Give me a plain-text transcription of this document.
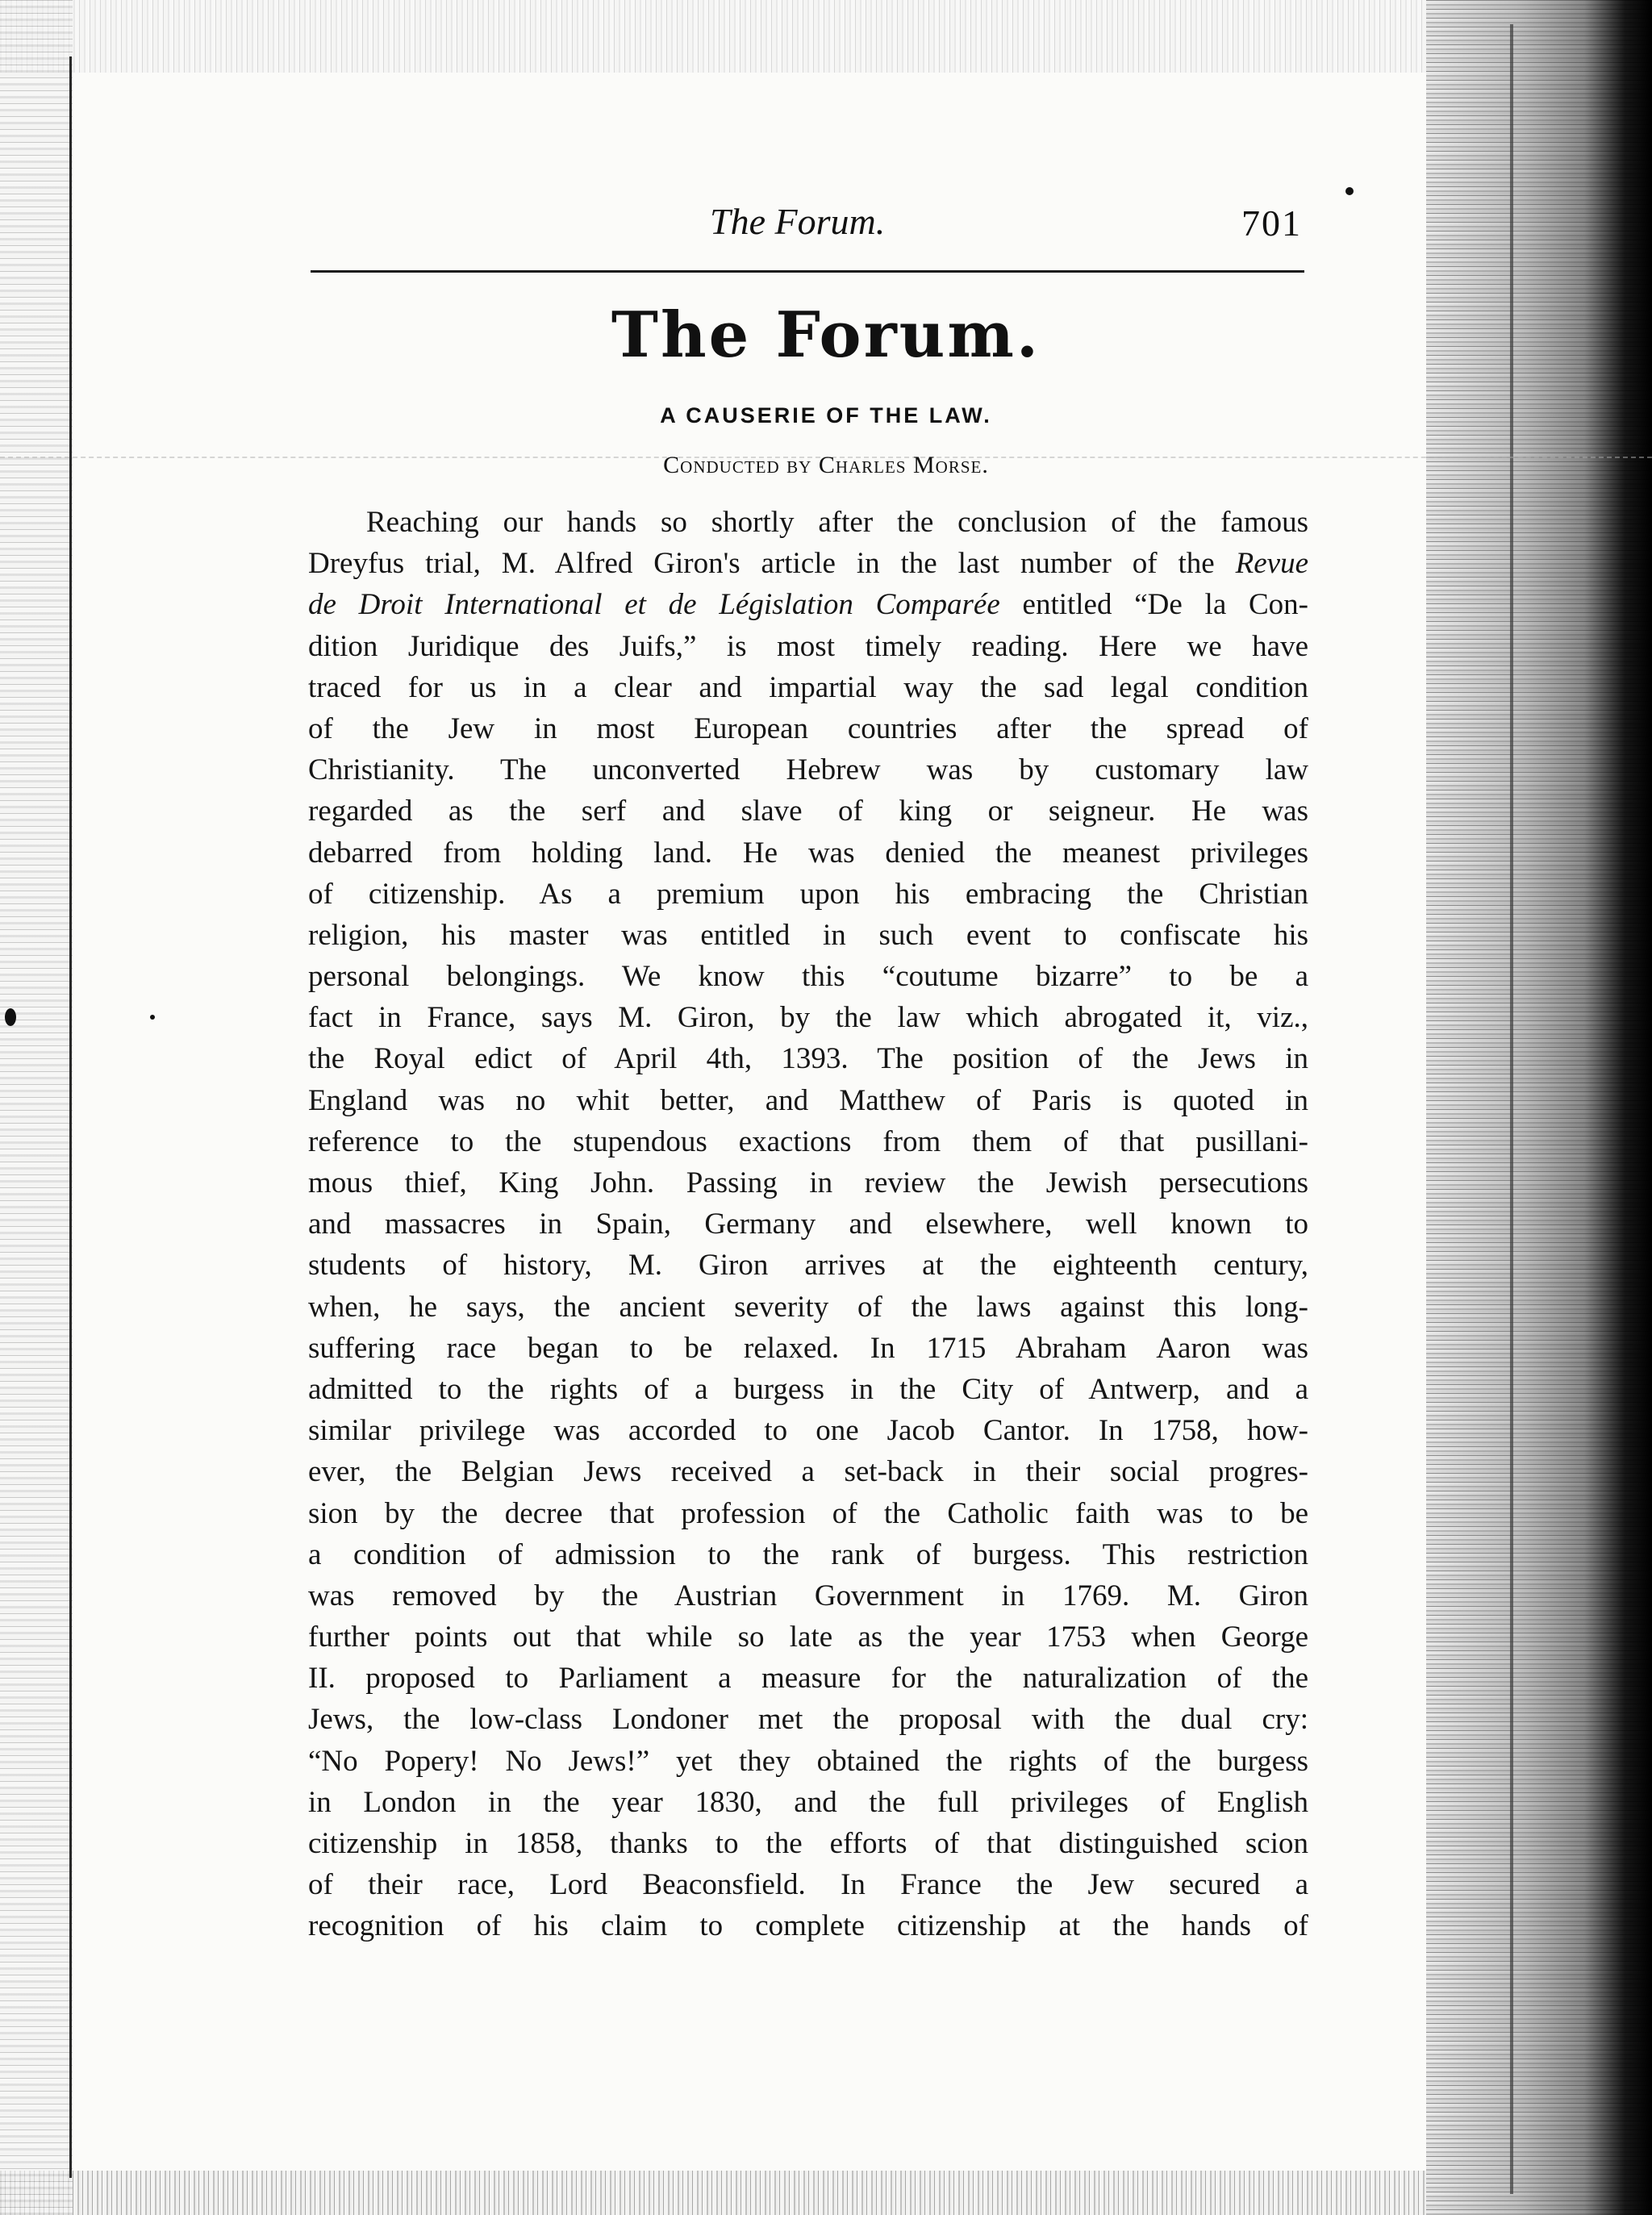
The Forum.	701
The Forum.
A CAUSERIE OF THE LAW.
Conducted by Charles Morse.
Reaching our hands so shortly after the conclusion of the famous
Dreyfus trial, M. Alfred Giron's article in the last number of the Revue
de Droit International et de Législation Comparée entitled “De la Con-
dition Juridique des Juifs,” is most timely reading. Here we have
traced for us in a clear and impartial way the sad legal condition
of the Jew in most European countries after the spread of
Christianity. The unconverted Hebrew was by customary law
regarded as the serf and slave of king or seigneur. He was
debarred from holding land. He was denied the meanest privileges
of citizenship. As a premium upon his embracing the Christian
religion, his master was entitled in such event to confiscate his
personal belongings. We know this “coutume bizarre” to be a
fact in France, says M. Giron, by the law which abrogated it, viz.,
the Royal edict of April 4th, 1393. The position of the Jews in
England was no whit better, and Matthew of Paris is quoted in
reference to the stupendous exactions from them of that pusillani-
mous thief, King John. Passing in review the Jewish persecutions
and massacres in Spain, Germany and elsewhere, well known to
students of history, M. Giron arrives at the eighteenth century,
when, he says, the ancient severity of the laws against this long-
suffering race began to be relaxed. In 1715 Abraham Aaron was
admitted to the rights of a burgess in the City of Antwerp, and a
similar privilege was accorded to one Jacob Cantor. In 1758, how-
ever, the Belgian Jews received a set-back in their social progres-
sion by the decree that profession of the Catholic faith was to be
a condition of admission to the rank of burgess. This restriction
was removed by the Austrian Government in 1769. M. Giron
further points out that while so late as the year 1753 when George
II. proposed to Parliament a measure for the naturalization of the
Jews, the low-class Londoner met the proposal with the dual cry:
“No Popery! No Jews!” yet they obtained the rights of the burgess
in London in the year 1830, and the full privileges of English
citizenship in 1858, thanks to the efforts of that distinguished scion
of their race, Lord Beaconsfield. In France the Jew secured a
recognition of his claim to complete citizenship at the hands of
